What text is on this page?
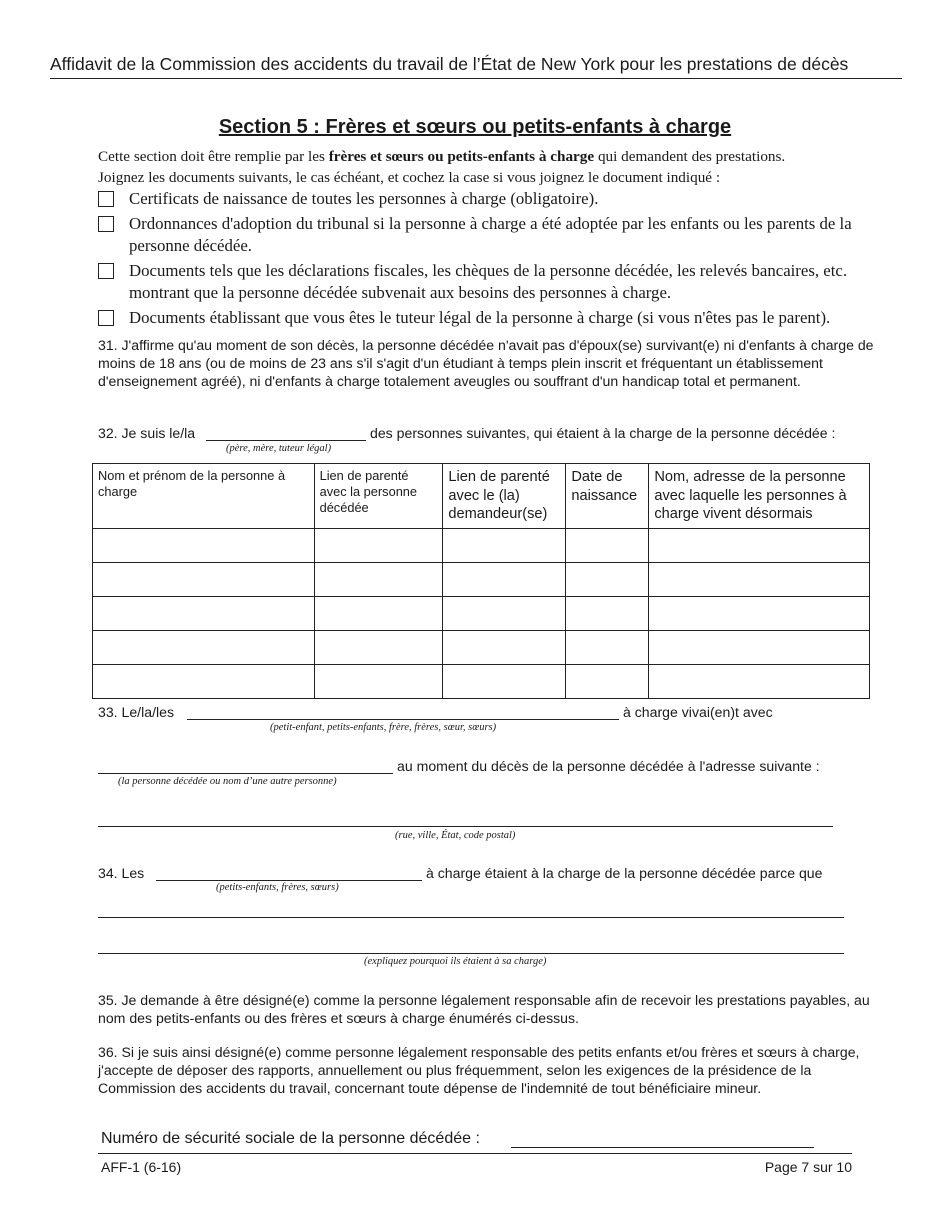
Affidavit de la Commission des accidents du travail de l’État de New York pour les prestations de décès
Section 5 : Frères et sœurs ou petits-enfants à charge
Cette section doit être remplie par les frères et sœurs ou petits-enfants à charge qui demandent des prestations.
Joignez les documents suivants, le cas échéant, et cochez la case si vous joignez le document indiqué :
Certificats de naissance de toutes les personnes à charge (obligatoire).
Ordonnances d'adoption du tribunal si la personne à charge a été adoptée par les enfants ou les parents de la personne décédée.
Documents tels que les déclarations fiscales, les chèques de la personne décédée, les relevés bancaires, etc. montrant que la personne décédée subvenait aux besoins des personnes à charge.
Documents établissant que vous êtes le tuteur légal de la personne à charge (si vous n'êtes pas le parent).
31. J'affirme qu'au moment de son décès, la personne décédée n'avait pas d'époux(se) survivant(e) ni d'enfants à charge de moins de 18 ans (ou de moins de 23 ans s'il s'agit d'un étudiant à temps plein inscrit et fréquentant un établissement d'enseignement agréé), ni d'enfants à charge totalement aveugles ou souffrant d'un handicap total et permanent.
32. Je suis le/la	des personnes suivantes, qui étaient à la charge de la personne décédée :
(père, mère, tuteur légal)
Nom et prénom de la personne à charge	Lien de parenté avec la personne décédée	Lien de parenté avec le (la) demandeur(se)	Date de naissance	Nom, adresse de la personne avec laquelle les personnes à charge vivent désormais

33. Le/la/les	à charge vivai(en)t avec
(petit-enfant, petits-enfants, frère, frères, sœur, sœurs)
au moment du décès de la personne décédée à l'adresse suivante :
(la personne décédée ou nom d’une autre personne)
(rue, ville, État, code postal)
34. Les	à charge étaient à la charge de la personne décédée parce que
(petits-enfants, frères, sœurs)
(expliquez pourquoi ils étaient à sa charge)
35. Je demande à être désigné(e) comme la personne légalement responsable afin de recevoir les prestations payables, au nom des petits-enfants ou des frères et sœurs à charge énumérés ci-dessus.
36. Si je suis ainsi désigné(e) comme personne légalement responsable des petits enfants et/ou frères et sœurs à charge, j'accepte de déposer des rapports, annuellement ou plus fréquemment, selon les exigences de la présidence de la Commission des accidents du travail, concernant toute dépense de l'indemnité de tout bénéficiaire mineur.
Numéro de sécurité sociale de la personne décédée :
AFF-1 (6-16)	Page 7 sur 10
